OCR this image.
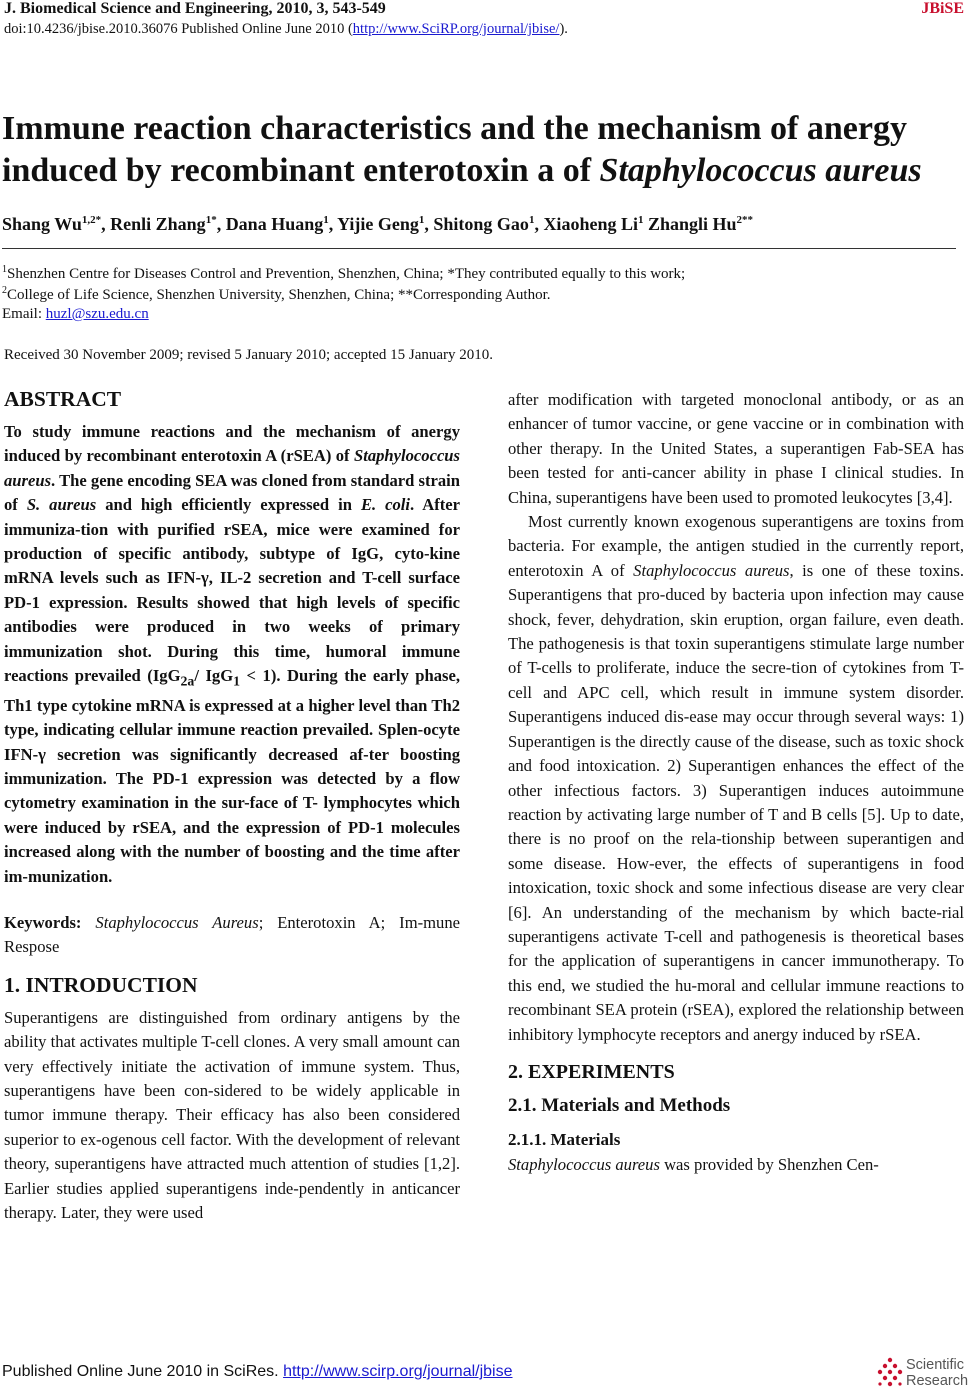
J. Biomedical Science and Engineering, 2010, 3, 543-549	JBiSE
doi:10.4236/jbise.2010.36076 Published Online June 2010 (http://www.SciRP.org/journal/jbise/).
Immune reaction characteristics and the mechanism of anergy
induced by recombinant enterotoxin a of Staphylococcus aureus
Shang $Wu^{1,2*}$, Renli Zhang$^{1*}$, Dana Huang$^1$, Yijie Geng$^1$, Shitong Gao$^1$, Xiaoheng Li$^1$ Zhangli $Hu^{2**}$
$^1$Shenzhen Centre for Diseases Control and Prevention, Shenzhen, China; *They contributed equally to this work;
$^2$College of Life Science, Shenzhen University, Shenzhen, China; **Corresponding Author.
Email: huzl@szu.edu.cn
Received 30 November 2009; revised 5 January 2010; accepted 15 January 2010.
ABSTRACT
To study immune reactions and the mechanism of anergy induced by recombinant enterotoxin A (rSEA) of Staphylococcus aureus. The gene encoding SEA was cloned from standard strain of S. aureus and high efficiently expressed in E. coli. After immuniza-tion with purified rSEA, mice were examined for production of specific antibody, subtype of IgG, cyto-kine mRNA levels such as IFN-γ, IL-2 secretion and T-cell surface PD-1 expression. Results showed that high levels of specific antibodies were produced in two weeks of primary immunization shot. During this time, humoral immune reactions prevailed (IgG$_{2a}$/ IgG$_1$ < 1). During the early phase, Th1 type cytokine mRNA is expressed at a higher level than Th2 type, indicating cellular immune reaction prevailed. Splen-ocyte IFN-γ secretion was significantly decreased af-ter boosting immunization. The PD-1 expression was detected by a flow cytometry examination in the sur-face of T- lymphocytes which were induced by rSEA, and the expression of PD-1 molecules increased along with the number of boosting and the time after im-munization.
Keywords: Staphylococcus Aureus; Enterotoxin A; Im-mune Respose
1. INTRODUCTION
Superantigens are distinguished from ordinary antigens by the ability that activates multiple T-cell clones. A very small amount can very effectively initiate the activation of immune system. Thus, superantigens have been con-sidered to be widely applicable in tumor immune therapy. Their efficacy has also been considered superior to ex-ogenous cell factor. With the development of relevant theory, superantigens have attracted much attention of studies [1,2]. Earlier studies applied superantigens inde-pendently in anticancer therapy. Later, they were used
after modification with targeted monoclonal antibody, or as an enhancer of tumor vaccine, or gene vaccine or in combination with other therapy. In the United States, a superantigen Fab-SEA has been tested for anti-cancer ability in phase I clinical studies. In China, superantigens have been used to promoted leukocytes [3,4].
Most currently known exogenous superantigens are toxins from bacteria. For example, the antigen studied in the currently report, enterotoxin A of Staphylococcus aureus, is one of these toxins. Superantigens that pro-duced by bacteria upon infection may cause shock, fever, dehydration, skin eruption, organ failure, even death. The pathogenesis is that toxin superantigens stimulate large number of T-cells to proliferate, induce the secre-tion of cytokines from T-cell and APC cell, which result in immune system disorder. Superantigens induced dis-ease may occur through several ways: 1) Superantigen is the directly cause of the disease, such as toxic shock and food intoxication. 2) Superantigen enhances the effect of the other infectious factors. 3) Superantigen induces autoimmune reaction by activating large number of T and B cells [5]. Up to date, there is no proof on the rela-tionship between superantigen and some disease. How-ever, the effects of superantigens in food intoxication, toxic shock and some infectious disease are very clear [6]. An understanding of the mechanism by which bacte-rial superantigens activate T-cell and pathogenesis is theoretical bases for the application of superantigens in cancer immunotherapy. To this end, we studied the hu-moral and cellular immune reactions to recombinant SEA protein (rSEA), explored the relationship between inhibitory lymphocyte receptors and anergy induced by rSEA.
2. EXPERIMENTS
2.1. Materials and Methods
2.1.1. Materials
Staphylococcus aureus was provided by Shenzhen Cen-
Published Online June 2010 in SciRes. http://www.scirp.org/journal/jbise	Scientific
Research
